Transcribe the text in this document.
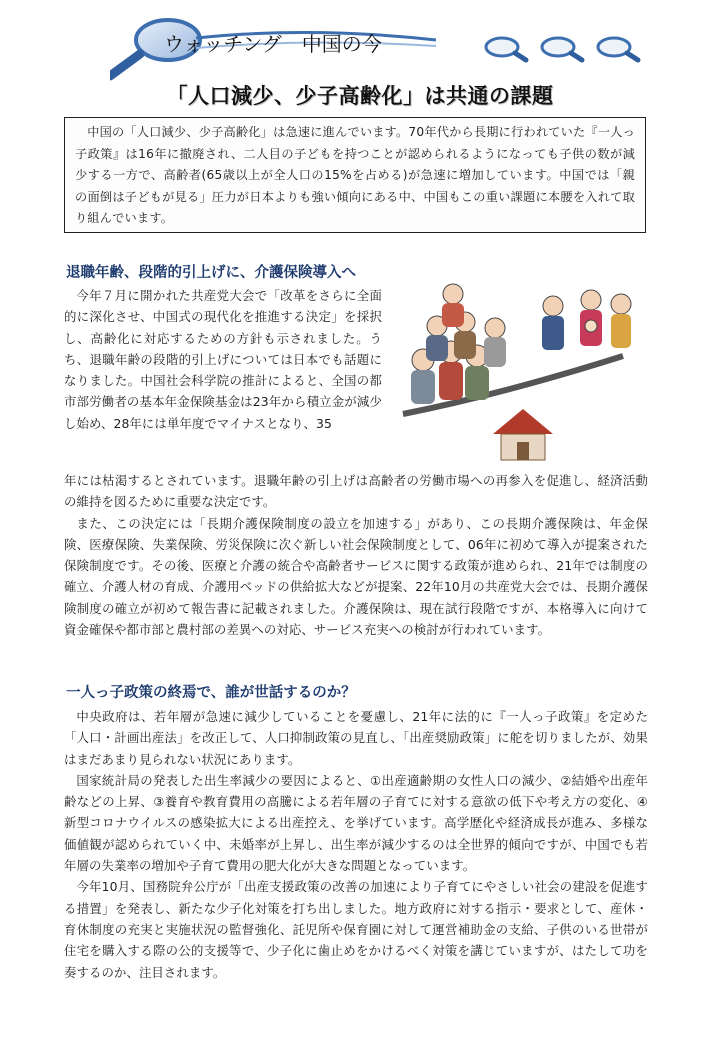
ウォッチング　中国の今
「人口減少、少子高齢化」は共通の課題
中国の「人口減少、少子高齢化」は急速に進んでいます。70年代から長期に行われていた『一人っ子政策』は16年に撤廃され、二人目の子どもを持つことが認められるようになっても子供の数が減少する一方で、高齢者(65歳以上が全人口の15%を占める)が急速に増加しています。中国では「親の面倒は子どもが見る」圧力が日本よりも強い傾向にある中、中国もこの重い課題に本腰を入れて取り組んでいます。
退職年齢、段階的引上げに、介護保険導入へ

今年７月に開かれた共産党大会で「改革をさらに全面的に深化させ、中国式の現代化を推進する決定」を採択し、高齢化に対応するための方針も示されました。うち、退職年齢の段階的引上げについては日本でも話題になりました。中国社会科学院の推計によると、全国の都市部労働者の基本年金保険基金は23年から積立金が減少し始め、28年には単年度でマイナスとなり、35

年には枯渇するとされています。退職年齢の引上げは高齢者の労働市場への再参入を促進し、経済活動の維持を図るために重要な決定です。

また、この決定には「長期介護保険制度の設立を加速する」があり、この長期介護保険は、年金保険、医療保険、失業保険、労災保険に次ぐ新しい社会保険制度として、06年に初めて導入が提案された保険制度です。その後、医療と介護の統合や高齢者サービスに関する政策が進められ、21年では制度の確立、介護人材の育成、介護用ベッドの供給拡大などが提案、22年10月の共産党大会では、長期介護保険制度の確立が初めて報告書に記載されました。介護保険は、現在試行段階ですが、本格導入に向けて資金確保や都市部と農村部の差異への対応、サービス充実への検討が行われています。

一人っ子政策の終焉で、誰が世話するのか？

中央政府は、若年層が急速に減少していることを憂慮し、21年に法的に『一人っ子政策』を定めた「人口・計画出産法」を改正して、人口抑制政策の見直し、「出産奨励政策」に舵を切りましたが、効果はまだあまり見られない状況にあります。

国家統計局の発表した出生率減少の要因によると、①出産適齢期の女性人口の減少、②結婚や出産年齢などの上昇、③養育や教育費用の高騰による若年層の子育てに対する意欲の低下や考え方の変化、④新型コロナウイルスの感染拡大による出産控え、を挙げています。高学歴化や経済成長が進み、多様な価値観が認められていく中、未婚率が上昇し、出生率が減少するのは全世界的傾向ですが、中国でも若年層の失業率の増加や子育て費用の肥大化が大きな問題となっています。

今年10月、国務院弁公庁が「出産支援政策の改善の加速により子育てにやさしい社会の建設を促進する措置」を発表し、新たな少子化対策を打ち出しました。地方政府に対する指示・要求として、産休・育休制度の充実と実施状況の監督強化、託児所や保育園に対して運営補助金の支給、子供のいる世帯が住宅を購入する際の公的支援等で、少子化に歯止めをかけるべく対策を講じていますが、はたして功を奏するのか、注目されます。
